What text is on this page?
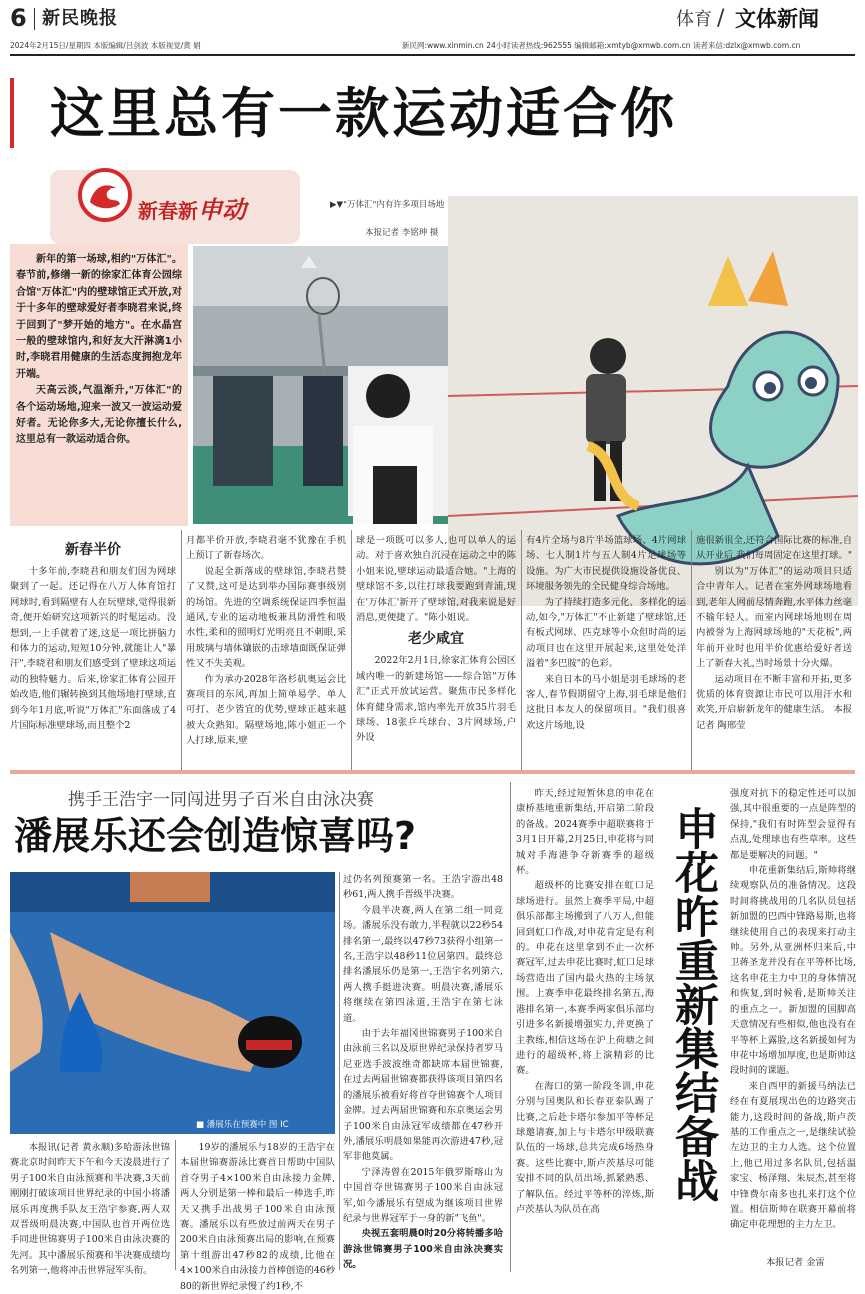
6 新民晚报	体育 / 文体新闻
2024年2月15日/星期四 本版编辑/吕剑波 本版视觉/黄 娟	新民网:www.xinmin.cn 24小时读者热线:962555 编辑邮箱:xmtyb@xmwb.com.cn 读者来信:dzlx@xmwb.com.cn
这里总有一款运动适合你
新春新申动	▶▼"万体汇"内有许多项目场地
本报记者 李铭珅 摄

新年的第一场球,相约"万体汇"。春节前,修缮一新的徐家汇体育公园综合馆"万体汇"内的壁球馆正式开放,对于十多年的壁球爱好者李晓君来说,终于回到了"梦开始的地方"。在水晶宫一般的壁球馆内,和好友大汗淋漓1小时,李晓君用健康的生活态度拥抱龙年开端。

天高云淡,气温渐升,"万体汇"的各个运动场地,迎来一波又一波运动爱好者。无论你多大,无论你擅长什么,这里总有一款运动适合你。

新春半价

十多年前,李晓君和朋友们因为网球聚到了一起。还记得在八万人体育馆打网球时,看到隔壁有人在玩壁球,觉得很新奇,便开始研究这项新兴的时髦运动。没想到,一上手就着了迷,这是一项比拼脑力和体力的运动,短短10分钟,就能让人"暴汗",李晓君和朋友们感受到了壁球这项运动的独特魅力。后来,徐家汇体育公园开始改造,他们辗转换到其他场地打壁球,直到今年1月底,听说"万体汇"东面落成了4片国际标准壁球场,而且整个2

月都半价开放,李晓君毫不犹豫在手机上预订了新春场次。

说起全新落成的壁球馆,李晓君赞了又赞,这可是达到举办国际赛事级别的场馆。先进的空调系统保证四季恒温通风,专业的运动地板兼具防滑性和吸水性,柔和的照明灯光明亮且不刺眼,采用玻璃与墙体镶嵌的击球墙面既保证弹性又不失美观。

作为承办2028年洛杉矶奥运会比赛项目的东风,再加上简单易学、单人可打、老少皆宜的优势,壁球正越来越被大众熟知。隔壁场地,陈小姐正一个人打球,原来,壁

球是一项既可以多人,也可以单人的运动。对于喜欢独自沉浸在运动之中的陈小姐来说,壁球运动最适合她。"上海的壁球馆不多,以往打球我要跑到青浦,现在'万体汇'新开了壁球馆,对我来说是好消息,更便捷了。"陈小姐说。

老少咸宜

2022年2月1日,徐家汇体育公园区域内唯一的新建场馆——综合馆"万体汇"正式开放试运营。聚焦市民多样化体育健身需求,馆内率先开放35片羽毛球场、18张乒乓球台、3片网球场,户外设

有4片全场与8片半场篮球场、4片网球场、七人制1片与五人制4片足球场等设施。为广大市民提供设施设备优良、环境服务领先的全民健身综合场地。

为了持续打造多元化、多样化的运动,如今,"万体汇"不止新建了壁球馆,还有板式网球、匹克球等小众但时尚的运动项目也在这里开展起来,这里处处洋溢着"多巴胺"的色彩。

来自日本的马小姐是羽毛球场的老客人,春节假期留守上海,羽毛球是他们这批日本友人的保留项目。"我们很喜欢这片场地,设

施很新很全,还符合国际比赛的标准,自从开业后,我们每周固定在这里打球。"

别以为"万体汇"的运动项目只适合中青年人。记者在室外网球场地看到,老年人网前尽情奔跑,水平体力丝毫不输年轻人。而室内网球场地则在周内被誉为上海网球场地的"天花板",两年前开业时也用半价优惠给爱好者送上了新春大礼,当时场景十分火爆。

运动项目在不断丰富和开拓,更多优质的体育资源让市民可以用汗水和欢笑,开启崭新龙年的健康生活。 本报记者 陶邢莹

携手王浩宇一同闯进男子百米自由泳决赛
潘展乐还会创造惊喜吗?
■ 潘展乐在预赛中 图 IC

本报讯(记者 黄永顺)多哈游泳世锦赛北京时间昨天下午和今天凌晨进行了男子100米自由泳预赛和半决赛,3天前刚刚打破该项目世界纪录的中国小将潘展乐再度携手队友王浩宇参赛,两人双双晋级明晨决赛,中国队也首开两位选手同进世锦赛男子100米自由泳决赛的先河。其中潘展乐预赛和半决赛成绩均名列第一,他将冲击世界冠军头衔。

19岁的潘展乐与18岁的王浩宇在本届世锦赛游泳比赛首日帮助中国队首夺男子4×100米自由泳接力金牌,两人分别是第一棒和最后一棒选手,昨天又携手出战男子100米自由泳预赛。潘展乐以有些放过前两天在男子200米自由泳预赛出局的影响,在预赛第十组游出47秒82的成绩,比他在4×100米自由泳接力首棒创造的46秒80的新世界纪录慢了约1秒,不

过仍名列预赛第一名。王浩宇游出48秒61,两人携手晋级半决赛。

今晨半决赛,两人在第二组一同竞场。潘展乐没有敢力,半程就以22秒54排名第一,最终以47秒73获得小组第一名,王浩宇以48秒11位居第四。最终总排名潘展乐仍是第一,王浩宇名列第六,两人携手挺进决赛。明晨决赛,潘展乐将继续在第四泳道,王浩宇在第七泳道。

由于去年福冈世锦赛男子100米自由泳前三名以及原世界纪录保持者罗马尼亚选手波波维奇都缺席本届世锦赛,在过去两届世锦赛都获得该项目第四名的潘展乐被看好将首夺世锦赛个人项目金牌。过去两届世锦赛和东京奥运会男子100米自由泳冠军成绩都在47秒开外,潘展乐明晨如果能再次游进47秒,冠军非他莫属。

宁泽涛曾在2015年俄罗斯喀山为中国首夺世锦赛男子100米自由泳冠军,如今潘展乐有望成为继该项目世界纪录与世界冠军于一身的新"飞鱼"。

央视五套明晨0时20分将转播多哈游泳世锦赛男子100米自由泳决赛实况。

昨天,经过短暂休息的申花在康桥基地重新集结,开启第二阶段的备战。2024赛季中超联赛将于3月1日开幕,2月25日,申花将与同城对手海港争夺新赛季的超级杯。

超级杯的比赛安排在虹口足球场进行。虽然上赛季平局,中超俱乐部都主场搬到了八万人,但能回到虹口作战,对申花肯定是有利的。申花在这里拿到不止一次杯赛冠军,过去申花比赛时,虹口足球场营造出了国内最火热的主场氛围。上赛季申花最终排名第五,海港排名第一,本赛季两家俱乐部均引进多名新援增强实力,并更换了主教练,相信这场在沪上荷塘之间进行的超级杯,将上演精彩的比赛。

在海口的第一阶段冬训,申花分别与国奥队和长春亚泰队踢了比赛,之后赴卡塔尔参加平等杯足球邀请赛,加上与卡塔尔甲级联赛队伍的一场球,总共完成6场热身赛。这些比赛中,斯卢茨基尽可能安排不同的队员出场,抓紧熟悉、了解队伍。经过平等杯的淬炼,斯卢茨基认为队员在高

申花昨重新集结备战

强度对抗下的稳定性还可以加强,其中很重要的一点是阵型的保持,"我们有时阵型会显得有点乱,处理球也有些草率。这些都是要解决的问题。"

申花重新集结后,斯帅将继续观察队员的准备情况。这段时间将挑战用的几名队员包括新加盟的巴西中锋路易斯,也将继续使用自己的表现来打动主帅。另外,从亚洲杯归来后,中卫蒋圣龙并没有在平等杯比场,这名申花主力中卫的身体情况和恢复,到时候看,是斯帅关注的重点之一。新加盟的国脚高天意情况有些相似,他也没有在平等杯上露脸,这名新援如何为申花中场增加厚度,也是斯帅这段时间的课题。

来自西甲的新援马纳法已经在有夏展现出色的边路突击能力,这段时间的备战,斯卢茨基的工作重点之一,是继续试验左边卫的主力人选。这个位置上,他已用过多名队员,包括温家宝、杨泽翔、朱辰杰,甚至将中锋费尔南多也扎来打这个位置。相信斯帅在联赛开幕前将确定申花理想的主力左卫。

本报记者 金雷
